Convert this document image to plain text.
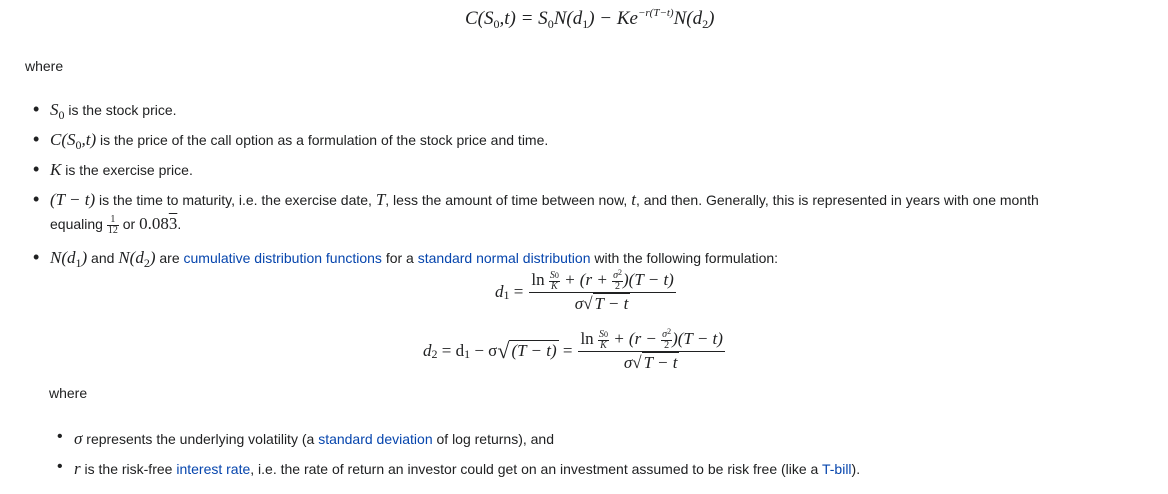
$C(S_0,t) = S_0N(d_1) - Ke^{-r(T-t)}N(d_2)$
where
• S0 is the stock price.
• C(S0,t) is the price of the call option as a formulation of the stock price and time.
• K is the exercise price.
• (T − t) is the time to maturity, i.e. the exercise date, T, less the amount of time between now, t, and then. Generally, this is represented in years with one month
equaling $\frac{1}{12}$ or 0.083.
• N(d1) and N(d2) are cumulative distribution functions for a standard normal distribution with the following formulation:
$d_1 = \frac{\ln \frac{S0}{K} + (r + \frac{\sigma^2}{2} )(T - t)}{\sigma√ T - t}$
$d_2 = d_1 - \sigma√$ $(T - t) = \frac{\ln \frac{S0}{K} + (r - \frac{\sigma^2}{2} )(T - t)}{\sigma√ T - t}$
where
• σ represents the underlying volatility (a standard deviation of log returns), and
• r is the risk-free interest rate, i.e. the rate of return an investor could get on an investment assumed to be risk free (like a T-bill).
